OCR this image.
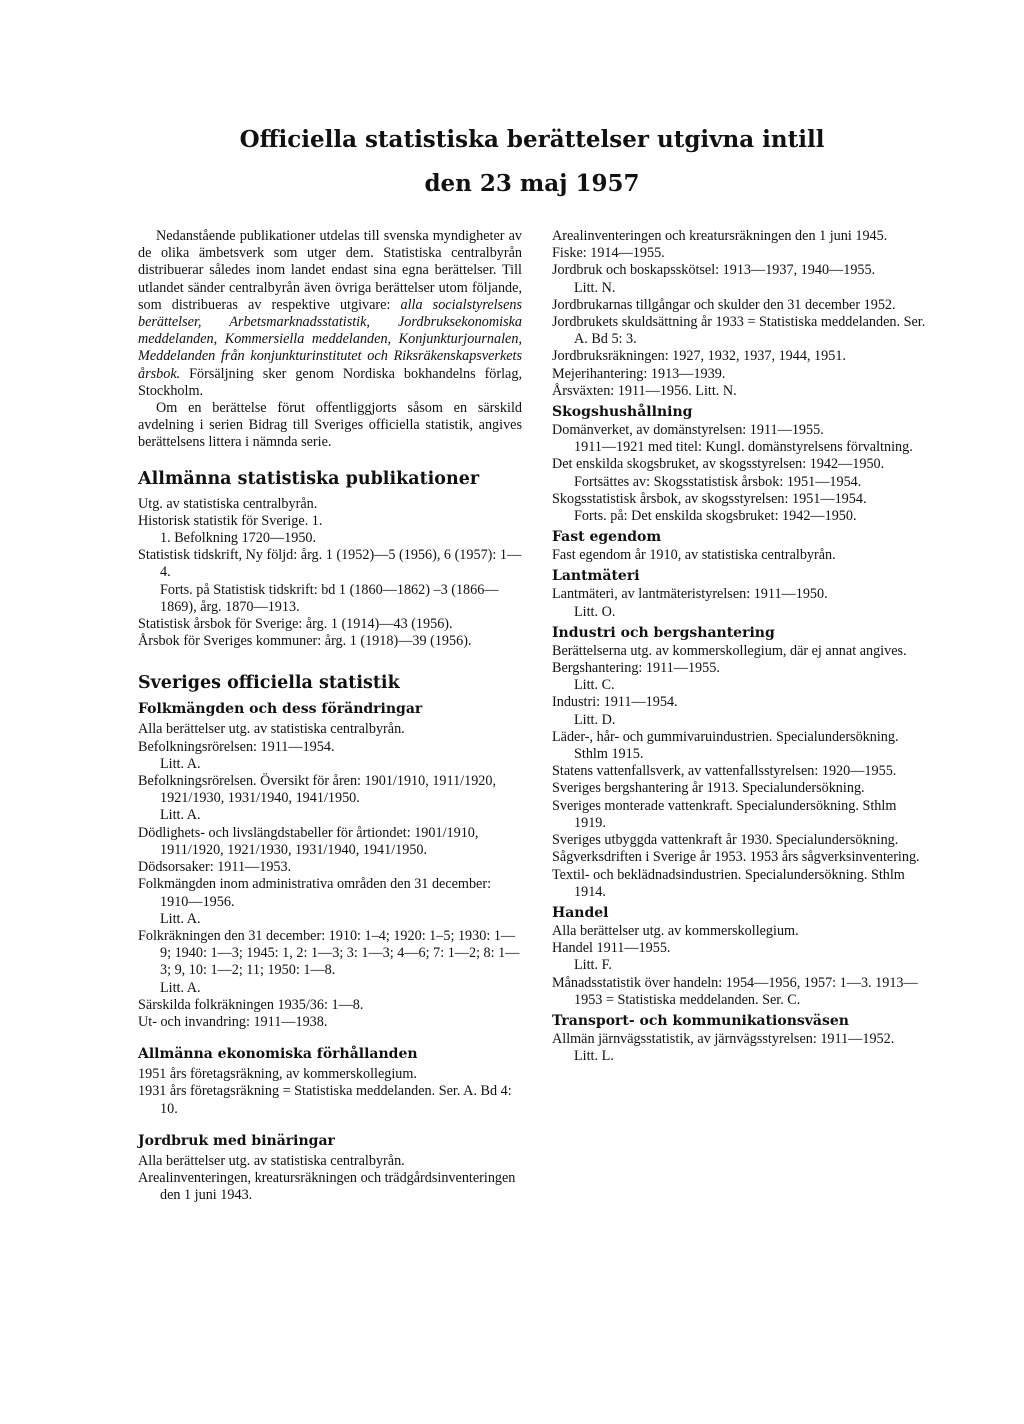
Officiella statistiska berättelser utgivna intill
den 23 maj 1957

Nedanstående publikationer utdelas till svenska myndigheter av de olika ämbetsverk som utger dem. Statistiska centralbyrån distribuerar således inom landet endast sina egna berättelser. Till utlandet sänder centralbyrån även övriga berättelser utom följande, som distribueras av respektive utgivare: alla socialstyrelsens berättelser, Arbetsmarknadsstatistik, Jordbruksekonomiska meddelanden, Kommersiella meddelanden, Konjunkturjournalen, Meddelanden från konjunkturinstitutet och Riksräkenskapsverkets årsbok. Försäljning sker genom Nordiska bokhandelns förlag, Stockholm.

Om en berättelse förut offentliggjorts såsom en särskild avdelning i serien Bidrag till Sveriges officiella statistik, angives berättelsens littera i nämnda serie.

Allmänna statistiska publikationer

Utg. av statistiska centralbyrån.

Historisk statistik för Sverige. 1.

1. Befolkning 1720—1950.

Statistisk tidskrift, Ny följd: årg. 1 (1952)—5 (1956), 6 (1957): 1—4.

Forts. på Statistisk tidskrift: bd 1 (1860—1862) –3 (1866—1869), årg. 1870—1913.

Statistisk årsbok för Sverige: årg. 1 (1914)—43 (1956).

Årsbok för Sveriges kommuner: årg. 1 (1918)—39 (1956).

Sveriges officiella statistik
Folkmängden och dess förändringar

Alla berättelser utg. av statistiska centralbyrån.

Befolkningsrörelsen: 1911—1954.

Litt. A.

Befolkningsrörelsen. Översikt för åren: 1901/1910, 1911/1920, 1921/1930, 1931/1940, 1941/1950.

Litt. A.

Dödlighets- och livslängdstabeller för årtiondet: 1901/1910, 1911/1920, 1921/1930, 1931/1940, 1941/1950.

Dödsorsaker: 1911—1953.

Folkmängden inom administrativa områden den 31 december: 1910—1956.

Litt. A.

Folkräkningen den 31 december: 1910: 1–4; 1920: 1–5; 1930: 1—9; 1940: 1—3; 1945: 1, 2: 1—3; 3: 1—3; 4—6; 7: 1—2; 8: 1—3; 9, 10: 1—2; 11; 1950: 1—8.

Litt. A.

Särskilda folkräkningen 1935/36: 1—8.

Ut- och invandring: 1911—1938.

Allmänna ekonomiska förhållanden

1951 års företagsräkning, av kommerskollegium.

1931 års företagsräkning = Statistiska meddelanden. Ser. A. Bd 4: 10.

Jordbruk med binäringar

Alla berättelser utg. av statistiska centralbyrån.

Arealinventeringen, kreatursräkningen och trädgårdsinventeringen den 1 juni 1943.

Arealinventeringen och kreatursräkningen den 1 juni 1945.

Fiske: 1914—1955.

Jordbruk och boskapsskötsel: 1913—1937, 1940—1955.

Litt. N.

Jordbrukarnas tillgångar och skulder den 31 december 1952.

Jordbrukets skuldsättning år 1933 = Statistiska meddelanden. Ser. A. Bd 5: 3.

Jordbruksräkningen: 1927, 1932, 1937, 1944, 1951.

Mejerihantering: 1913—1939.

Årsväxten: 1911—1956. Litt. N.

Skogshushållning

Domänverket, av domänstyrelsen: 1911—1955.

1911—1921 med titel: Kungl. domänstyrelsens förvaltning.

Det enskilda skogsbruket, av skogsstyrelsen: 1942—1950.

Fortsättes av: Skogsstatistisk årsbok: 1951—1954.

Skogsstatistisk årsbok, av skogsstyrelsen: 1951—1954.

Forts. på: Det enskilda skogsbruket: 1942—1950.

Fast egendom

Fast egendom år 1910, av statistiska centralbyrån.

Lantmäteri

Lantmäteri, av lantmäteristyrelsen: 1911—1950.

Litt. O.

Industri och bergshantering

Berättelserna utg. av kommerskollegium, där ej annat angives.

Bergshantering: 1911—1955.

Litt. C.

Industri: 1911—1954.

Litt. D.

Läder-, hår- och gummivaruindustrien. Specialundersökning. Sthlm 1915.

Statens vattenfallsverk, av vattenfallsstyrelsen: 1920—1955.

Sveriges bergshantering år 1913. Specialundersökning.

Sveriges monterade vattenkraft. Specialundersökning. Sthlm 1919.

Sveriges utbyggda vattenkraft år 1930. Specialundersökning.

Sågverksdriften i Sverige år 1953. 1953 års sågverksinventering.

Textil- och beklädnadsindustrien. Specialundersökning. Sthlm 1914.

Handel

Alla berättelser utg. av kommerskollegium.

Handel 1911—1955.

Litt. F.

Månadsstatistik över handeln: 1954—1956, 1957: 1—3. 1913—1953 = Statistiska meddelanden. Ser. C.

Transport- och kommunikationsväsen

Allmän järnvägsstatistik, av järnvägsstyrelsen: 1911—1952.

Litt. L.
